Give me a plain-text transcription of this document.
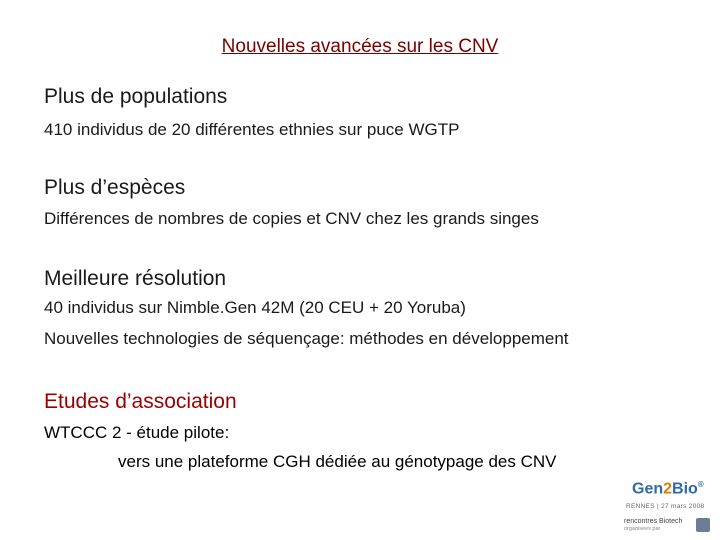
Nouvelles avancées sur les CNV
Plus de populations
410 individus de 20 différentes ethnies sur puce WGTP
Plus d’espèces
Différences de nombres de copies et CNV chez les grands singes
Meilleure résolution
40 individus sur Nimble.Gen 42M (20 CEU + 20 Yoruba)
Nouvelles technologies de séquençage: méthodes en développement
Etudes d’association
WTCCC 2 - étude pilote:
vers une plateforme CGH dédiée au génotypage des CNV
Gen2Bio®
RENNES | 27 mars 2008
rencontres Biotech
organisées par
